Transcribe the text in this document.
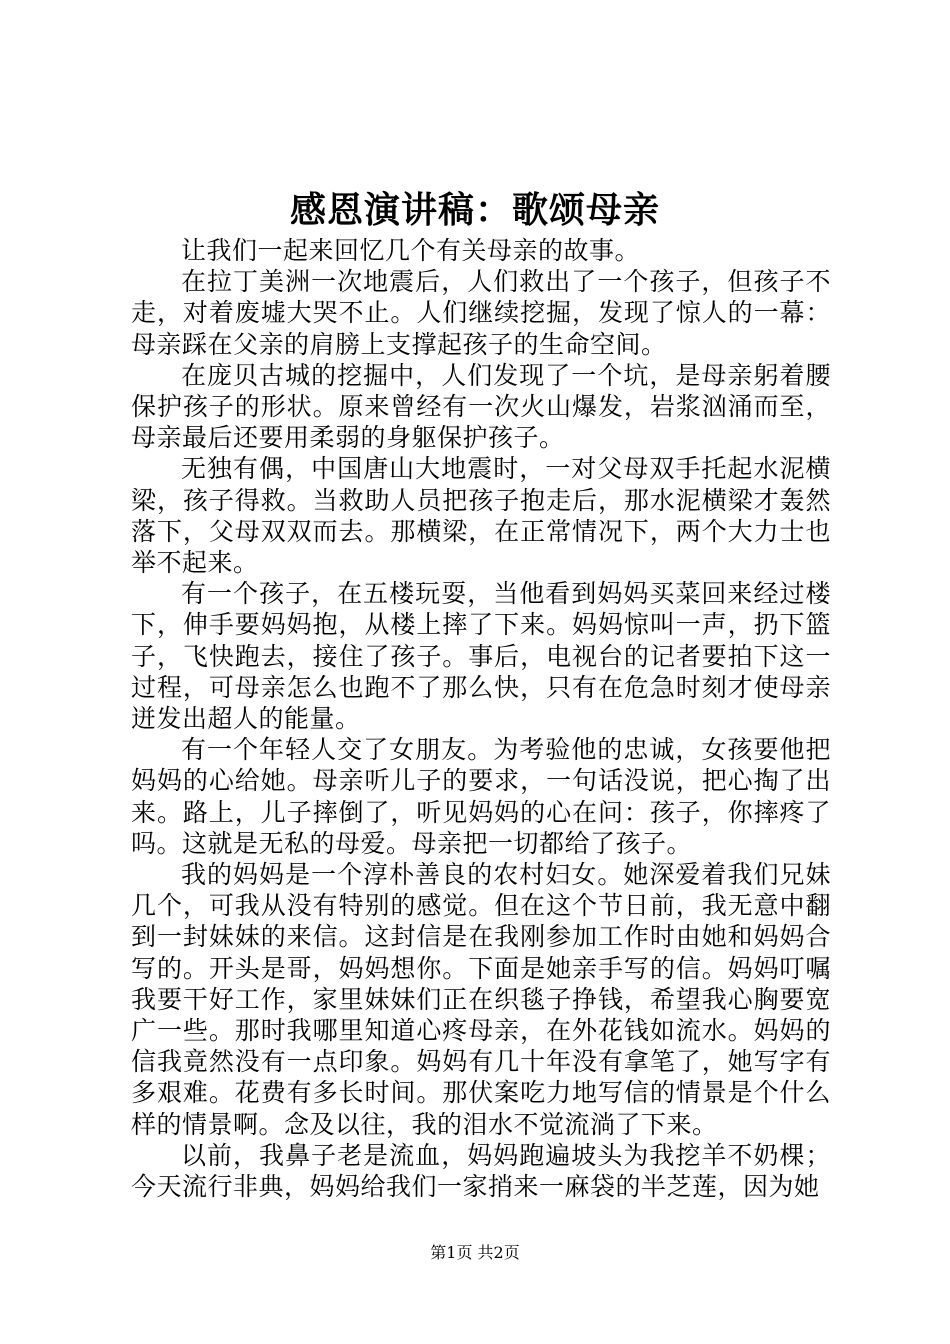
感恩演讲稿：歌颂母亲

让我们一起来回忆几个有关母亲的故事。

在拉丁美洲一次地震后，人们救出了一个孩子，但孩子不走，对着废墟大哭不止。人们继续挖掘，发现了惊人的一幕：母亲踩在父亲的肩膀上支撑起孩子的生命空间。

在庞贝古城的挖掘中，人们发现了一个坑，是母亲躬着腰保护孩子的形状。原来曾经有一次火山爆发，岩浆汹涌而至，母亲最后还要用柔弱的身躯保护孩子。

无独有偶，中国唐山大地震时，一对父母双手托起水泥横梁，孩子得救。当救助人员把孩子抱走后，那水泥横梁才轰然落下，父母双双而去。那横梁，在正常情况下，两个大力士也举不起来。

有一个孩子，在五楼玩耍，当他看到妈妈买菜回来经过楼下，伸手要妈妈抱，从楼上摔了下来。妈妈惊叫一声，扔下篮子，飞快跑去，接住了孩子。事后，电视台的记者要拍下这一过程，可母亲怎么也跑不了那么快，只有在危急时刻才使母亲迸发出超人的能量。

有一个年轻人交了女朋友。为考验他的忠诚，女孩要他把妈妈的心给她。母亲听儿子的要求，一句话没说，把心掏了出来。路上，儿子摔倒了，听见妈妈的心在问：孩子，你摔疼了吗。这就是无私的母爱。母亲把一切都给了孩子。

我的妈妈是一个淳朴善良的农村妇女。她深爱着我们兄妹几个，可我从没有特别的感觉。但在这个节日前，我无意中翻到一封妹妹的来信。这封信是在我刚参加工作时由她和妈妈合写的。开头是哥，妈妈想你。下面是她亲手写的信。妈妈叮嘱我要干好工作，家里妹妹们正在织毯子挣钱，希望我心胸要宽广一些。那时我哪里知道心疼母亲，在外花钱如流水。妈妈的信我竟然没有一点印象。妈妈有几十年没有拿笔了，她写字有多艰难。花费有多长时间。那伏案吃力地写信的情景是个什么样的情景啊。念及以往，我的泪水不觉流淌了下来。

以前，我鼻子老是流血，妈妈跑遍坡头为我挖羊不奶棵；今天流行非典，妈妈给我们一家捎来一麻袋的半芝莲，因为她

第1页 共2页
